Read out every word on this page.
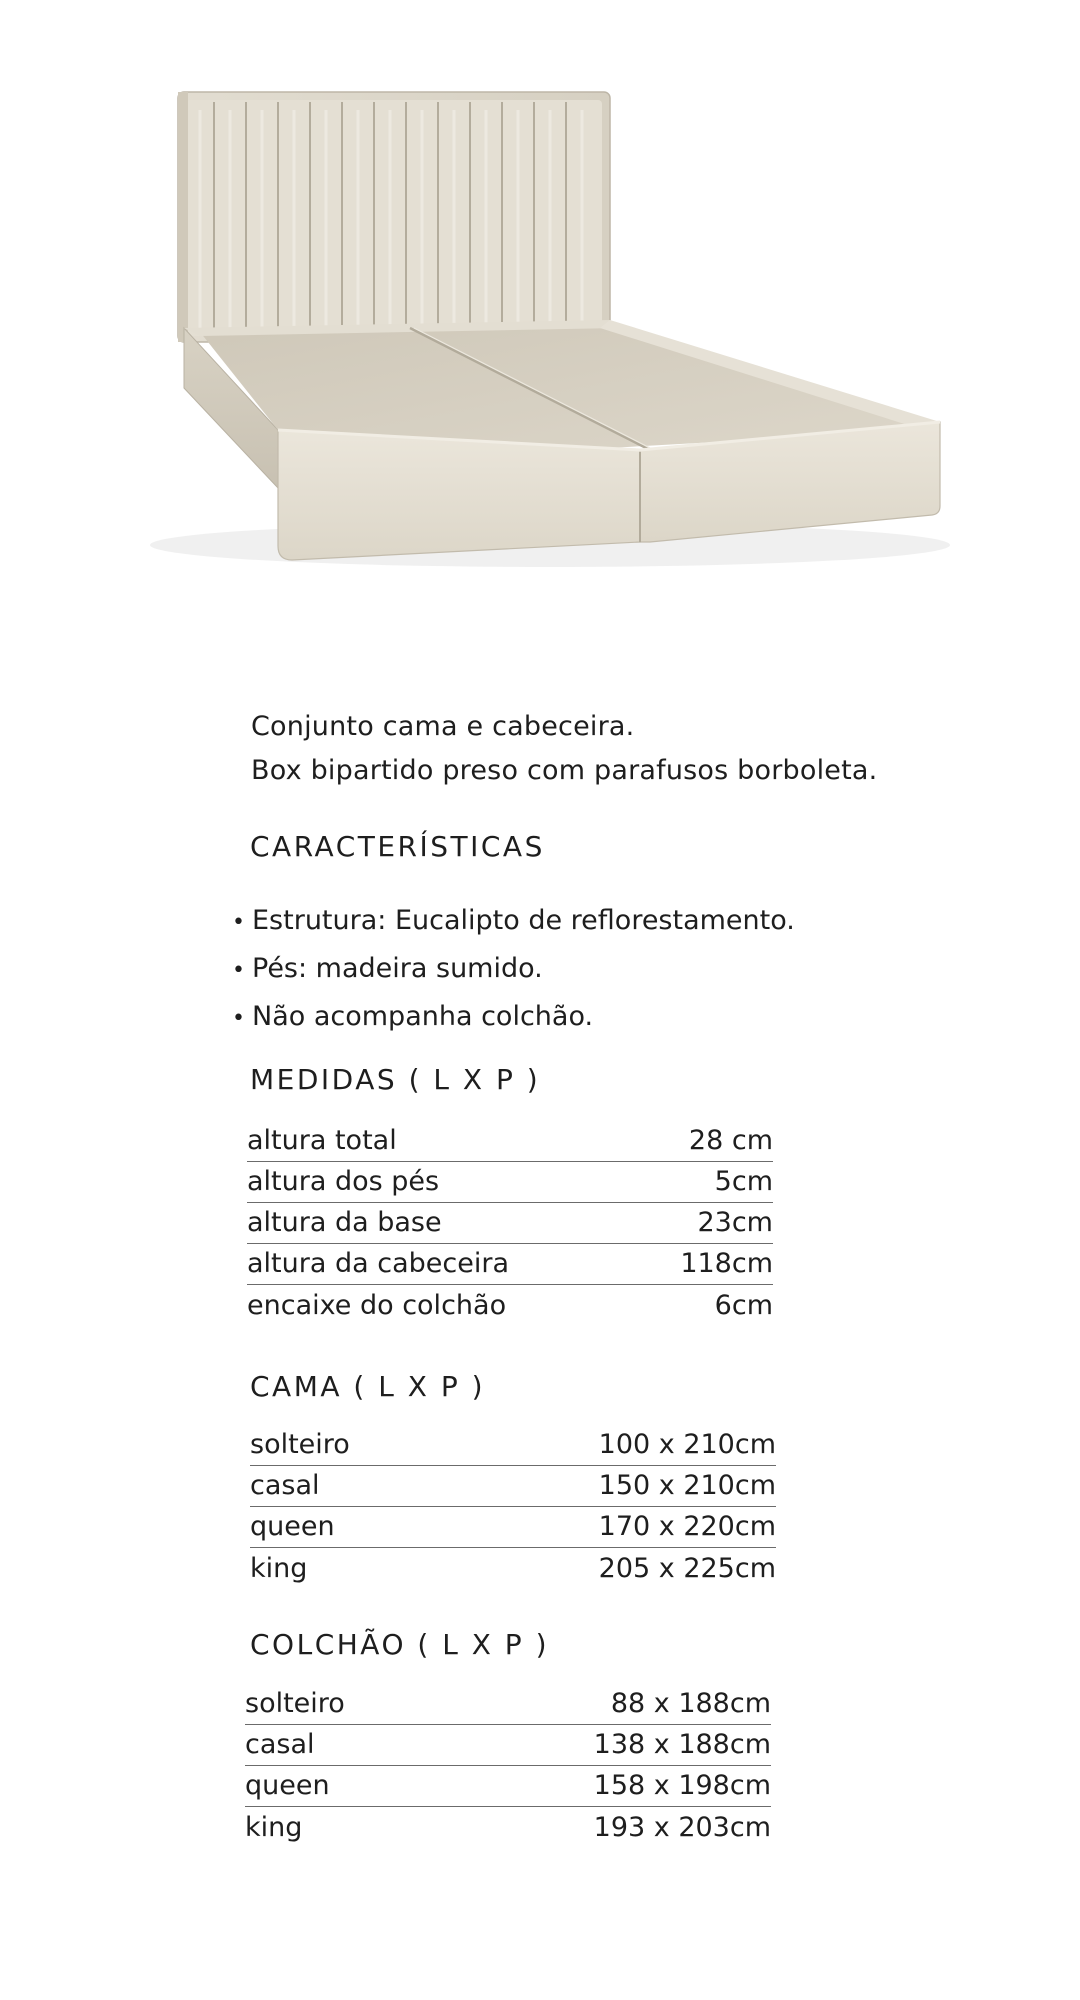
Conjunto cama e cabeceira.

Box bipartido preso com parafusos borboleta.

CARACTERÍSTICAS
• Estrutura: Eucalipto de reflorestamento.
• Pés: madeira sumido.
• Não acompanha colchão.
MEDIDAS ( L X P )
altura total	28 cm
altura dos pés	5cm
altura da base	23cm
altura da cabeceira	118cm
encaixe do colchão	6cm
CAMA ( L X P )
solteiro	100 x 210cm
casal	150 x 210cm
queen	170 x 220cm
king	205 x 225cm
COLCHÃO ( L X P )
solteiro	88 x 188cm
casal	138 x 188cm
queen	158 x 198cm
king	193 x 203cm
